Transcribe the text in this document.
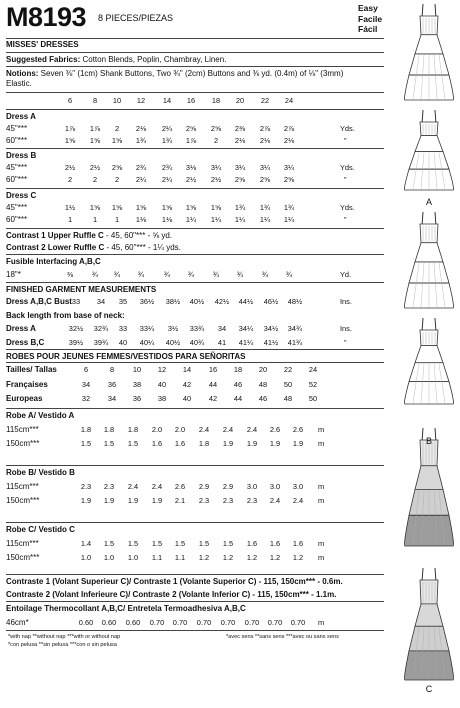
M8193 8 PIECES/PIEZAS
Easy
Facile
Fácil
MISSES' DRESSES
Suggested Fabrics: Cotton Blends, Poplin, Chambray, Linen.
Notions: Seven ⅜" (1cm) Shank Buttons, Two ¾" (2cm) Buttons and ⅜ yd. (0.4m) of ⅛" (3mm)
Elastic.
6	8	10	12	14	16	18	20	22	24
Dress A
45"***	1⅞	1⅞	2	2⅛	2¼	2⅝	2⅝	2⅜	2⅞	2⅞	Yds.
60"***	1⅝	1⅝	1⅝	1¾	1¾	1⅞	2	2⅛	2⅛	2⅛	"
Dress B
45"***	2½	2½	2⅝	2¾	2¾	3⅛	3¼	3¼	3¼	3¼	Yds.
60"***	2	2	2	2¼	2¼	2½	2½	2⅝	2⅝	2⅝	"
Dress C
45"***	1½	1⅝	1⅝	1⅝	1⅝	1⅝	1⅝	1¾	1¾	1¾	Yds.
60"***	1	1	1	1⅛	1⅛	1¼	1¼	1¼	1¼	1¼	"
Contrast 1 Upper Ruffle C - 45, 60"*** - ⅝ yd.
Contrast 2 Lower Ruffle C - 45, 60"*** - 1¼ yds.
Fusible Interfacing A,B,C
18"*	⅜	¾	¾	¾	¾	¾	¾	¾	¾	¾	Yd.
FINISHED GARMENT MEASUREMENTS
Dress A,B,C Bust 33	34	35	36½	38½	40½	42½	44½	46½	48½	Ins.
Back length from base of neck:
Dress A	32½	32¾	33	33¼	3½	33¾	34	34¼	34½	34¾	Ins.
Dress B,C	39½	39¾	40	40¼	40½	40¾	41	41¼	41½	41¾	"
ROBES POUR JEUNES FEMMES/VESTIDOS PARA SEÑORITAS
Tailles/ Tallas	6	8	10	12	14	16	18	20	22	24
Françaises	34	36	38	40	42	44	46	48	50	52
Europeas	32	34	36	38	40	42	44	46	48	50
Robe A/ Vestido A
115cm***	1.8	1.8	1.8	2.0	2.0	2.4	2.4	2.4	2.6	2.6	m
150cm***	1.5	1.5	1.5	1.6	1.6	1.8	1.9	1.9	1.9	1.9	m
Robe B/ Vestido B
115cm***	2.3	2.3	2.4	2.4	2.6	2.9	2.9	3.0	3.0	3.0	m
150cm***	1.9	1.9	1.9	1.9	2.1	2.3	2.3	2.3	2.4	2.4	m
Robe C/ Vestido C
115cm***	1.4	1.5	1.5	1.5	1.5	1.5	1.5	1.6	1.6	1.6	m
150cm***	1.0	1.0	1.0	1.1	1.1	1.2	1.2	1.2	1.2	1.2	m
Contraste 1 (Volant Superieur C)/ Contraste 1 (Volante Superior C) - 115, 150cm*** - 0.6m.
Contraste 2 (Volant Inferieure C)/ Contraste 2 (Volante Inferior C) - 115, 150cm*** - 1.1m.
Entoilage Thermocollant A,B,C/ Entretela Termoadhesiva A,B,C
46cm*	0.60	0.60	0.60	0.70	0.70	0.70	0.70	0.70	0.70	0.70	m
*with nap **without nap ***with or without nap
*con pelusa **sin pelusa ***con o sin pelusa
*avec sens **sans sens ***avec ou sans sens
A
B
C
